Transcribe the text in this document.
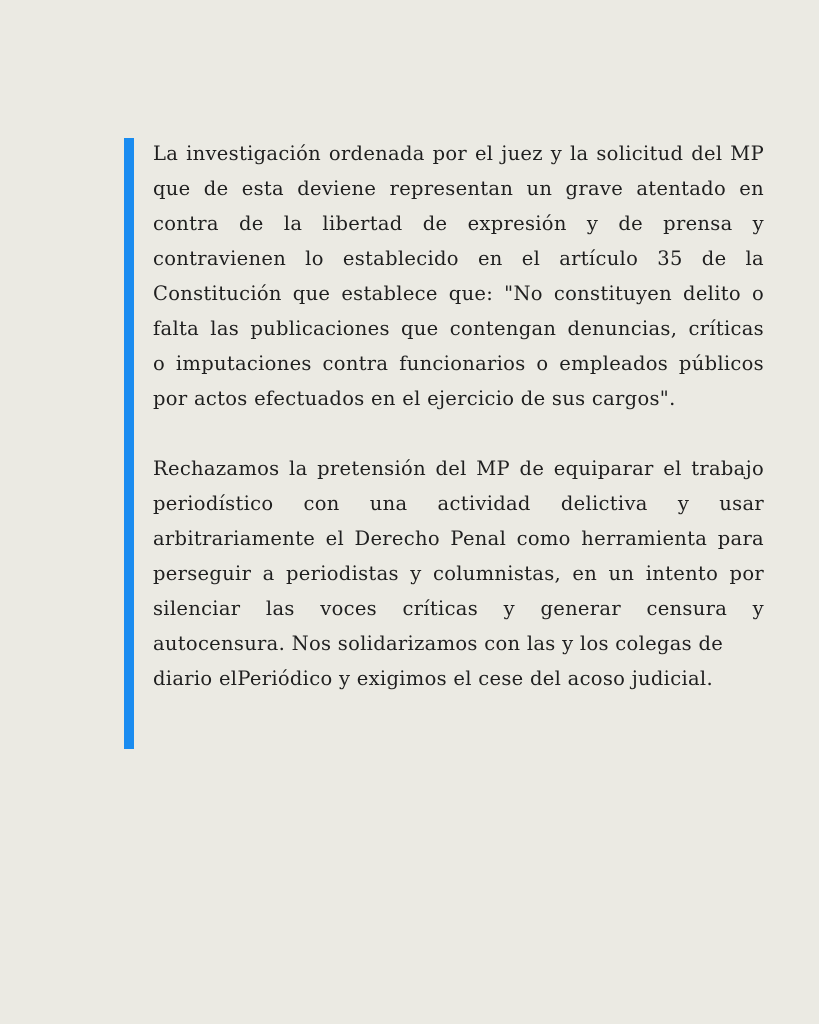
La investigación ordenada por el juez y la solicitud del MP
que de esta deviene representan un grave atentado en
contra de la libertad de expresión y de prensa y
contravienen lo establecido en el artículo 35 de la
Constitución que establece que: "No constituyen delito o
falta las publicaciones que contengan denuncias, críticas
o imputaciones contra funcionarios o empleados públicos
por actos efectuados en el ejercicio de sus cargos".
Rechazamos la pretensión del MP de equiparar el trabajo
periodístico con una actividad delictiva y usar
arbitrariamente el Derecho Penal como herramienta para
perseguir a periodistas y columnistas, en un intento por
silenciar las voces críticas y generar censura y
autocensura. Nos solidarizamos con las y los colegas de
diario elPeriódico y exigimos el cese del acoso judicial.
